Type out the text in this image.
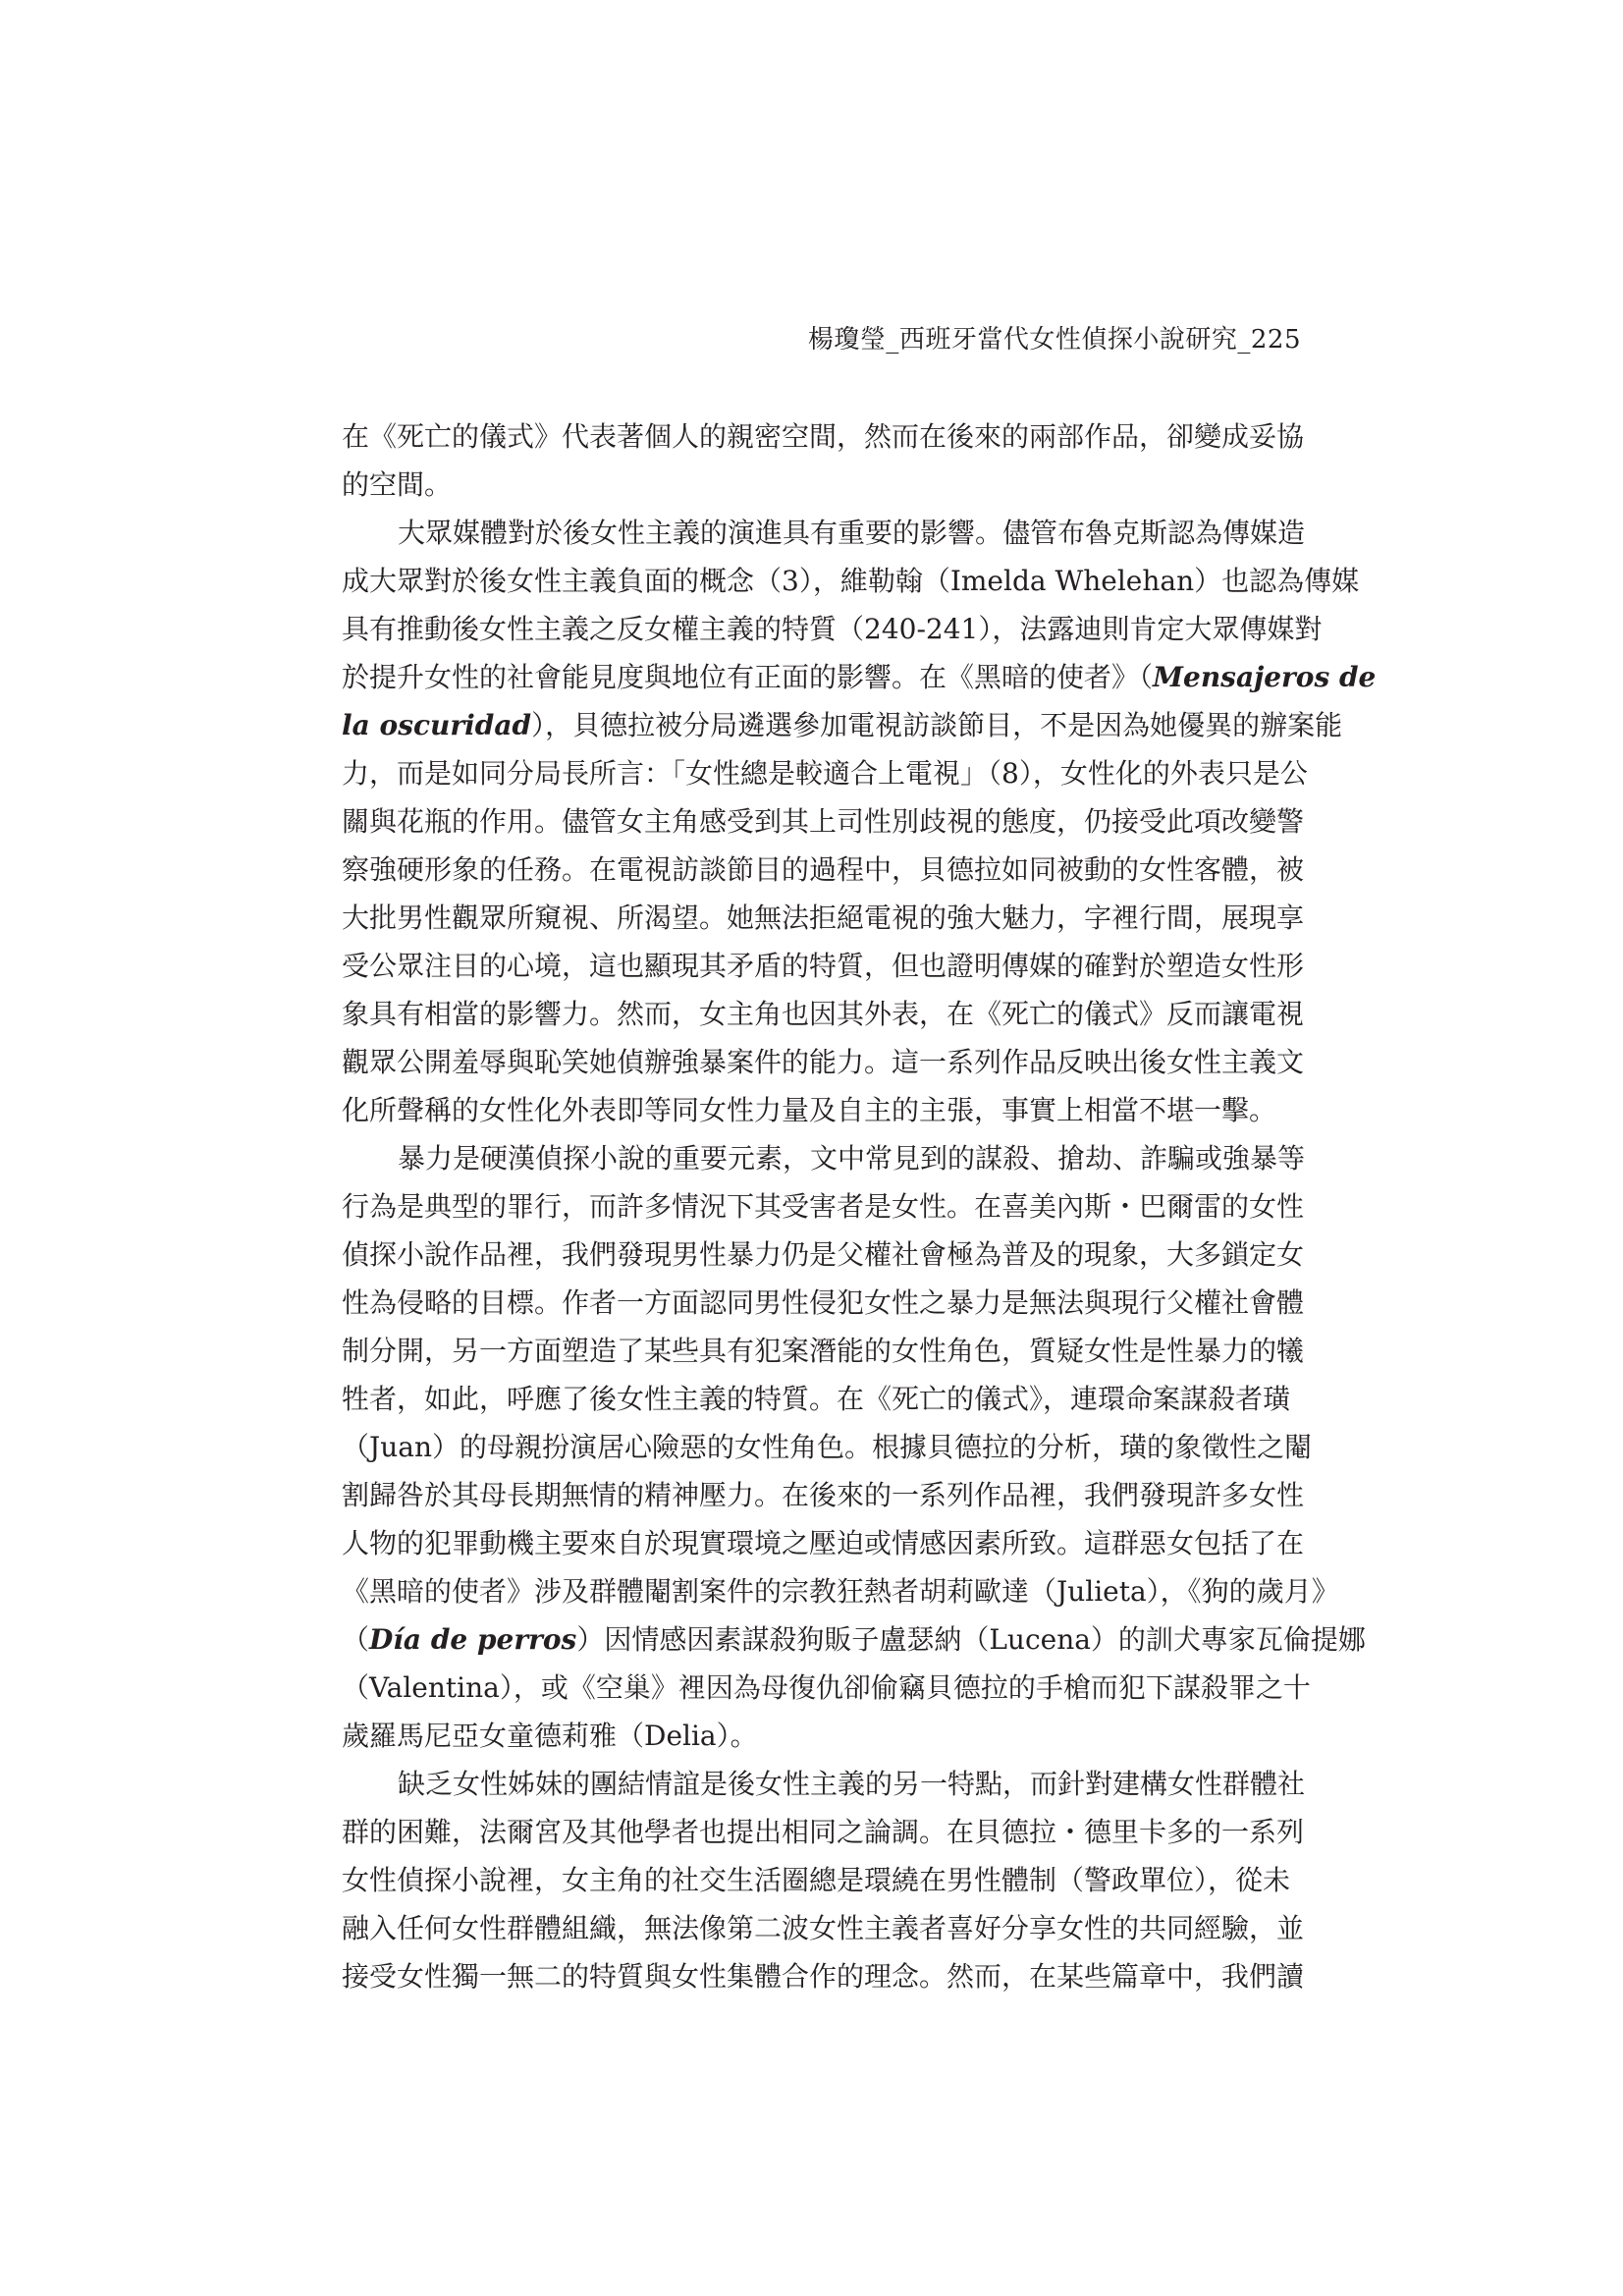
楊瓊瑩_西班牙當代女性偵探小說研究_225
在《死亡的儀式》代表著個人的親密空間，然而在後來的兩部作品，卻變成妥協
的空間。
大眾媒體對於後女性主義的演進具有重要的影響。儘管布魯克斯認為傳媒造
成大眾對於後女性主義負面的概念（3），維勒翰（Imelda Whelehan）也認為傳媒
具有推動後女性主義之反女權主義的特質（240-241），法露迪則肯定大眾傳媒對
於提升女性的社會能見度與地位有正面的影響。在《黑暗的使者》（Mensajeros de
la oscuridad），貝德拉被分局遴選參加電視訪談節目，不是因為她優異的辦案能
力，而是如同分局長所言：「女性總是較適合上電視」（8），女性化的外表只是公
關與花瓶的作用。儘管女主角感受到其上司性別歧視的態度，仍接受此項改變警
察強硬形象的任務。在電視訪談節目的過程中，貝德拉如同被動的女性客體，被
大批男性觀眾所窺視、所渴望。她無法拒絕電視的強大魅力，字裡行間，展現享
受公眾注目的心境，這也顯現其矛盾的特質，但也證明傳媒的確對於塑造女性形
象具有相當的影響力。然而，女主角也因其外表，在《死亡的儀式》反而讓電視
觀眾公開羞辱與恥笑她偵辦強暴案件的能力。這一系列作品反映出後女性主義文
化所聲稱的女性化外表即等同女性力量及自主的主張，事實上相當不堪一擊。
暴力是硬漢偵探小說的重要元素，文中常見到的謀殺、搶劫、詐騙或強暴等
行為是典型的罪行，而許多情況下其受害者是女性。在喜美內斯・巴爾雷的女性
偵探小說作品裡，我們發現男性暴力仍是父權社會極為普及的現象，大多鎖定女
性為侵略的目標。作者一方面認同男性侵犯女性之暴力是無法與現行父權社會體
制分開，另一方面塑造了某些具有犯案潛能的女性角色，質疑女性是性暴力的犧
牲者，如此，呼應了後女性主義的特質。在《死亡的儀式》，連環命案謀殺者璜
（Juan）的母親扮演居心險惡的女性角色。根據貝德拉的分析，璜的象徵性之閹
割歸咎於其母長期無情的精神壓力。在後來的一系列作品裡，我們發現許多女性
人物的犯罪動機主要來自於現實環境之壓迫或情感因素所致。這群惡女包括了在
《黑暗的使者》涉及群體閹割案件的宗教狂熱者胡莉歐達（Julieta），《狗的歲月》
（Día de perros）因情感因素謀殺狗販子盧瑟納（Lucena）的訓犬專家瓦倫提娜
（Valentina），或《空巢》裡因為母復仇卻偷竊貝德拉的手槍而犯下謀殺罪之十
歲羅馬尼亞女童德莉雅（Delia）。
缺乏女性姊妹的團結情誼是後女性主義的另一特點，而針對建構女性群體社
群的困難，法爾宮及其他學者也提出相同之論調。在貝德拉・德里卡多的一系列
女性偵探小說裡，女主角的社交生活圈總是環繞在男性體制（警政單位），從未
融入任何女性群體組織，無法像第二波女性主義者喜好分享女性的共同經驗，並
接受女性獨一無二的特質與女性集體合作的理念。然而，在某些篇章中，我們讀
